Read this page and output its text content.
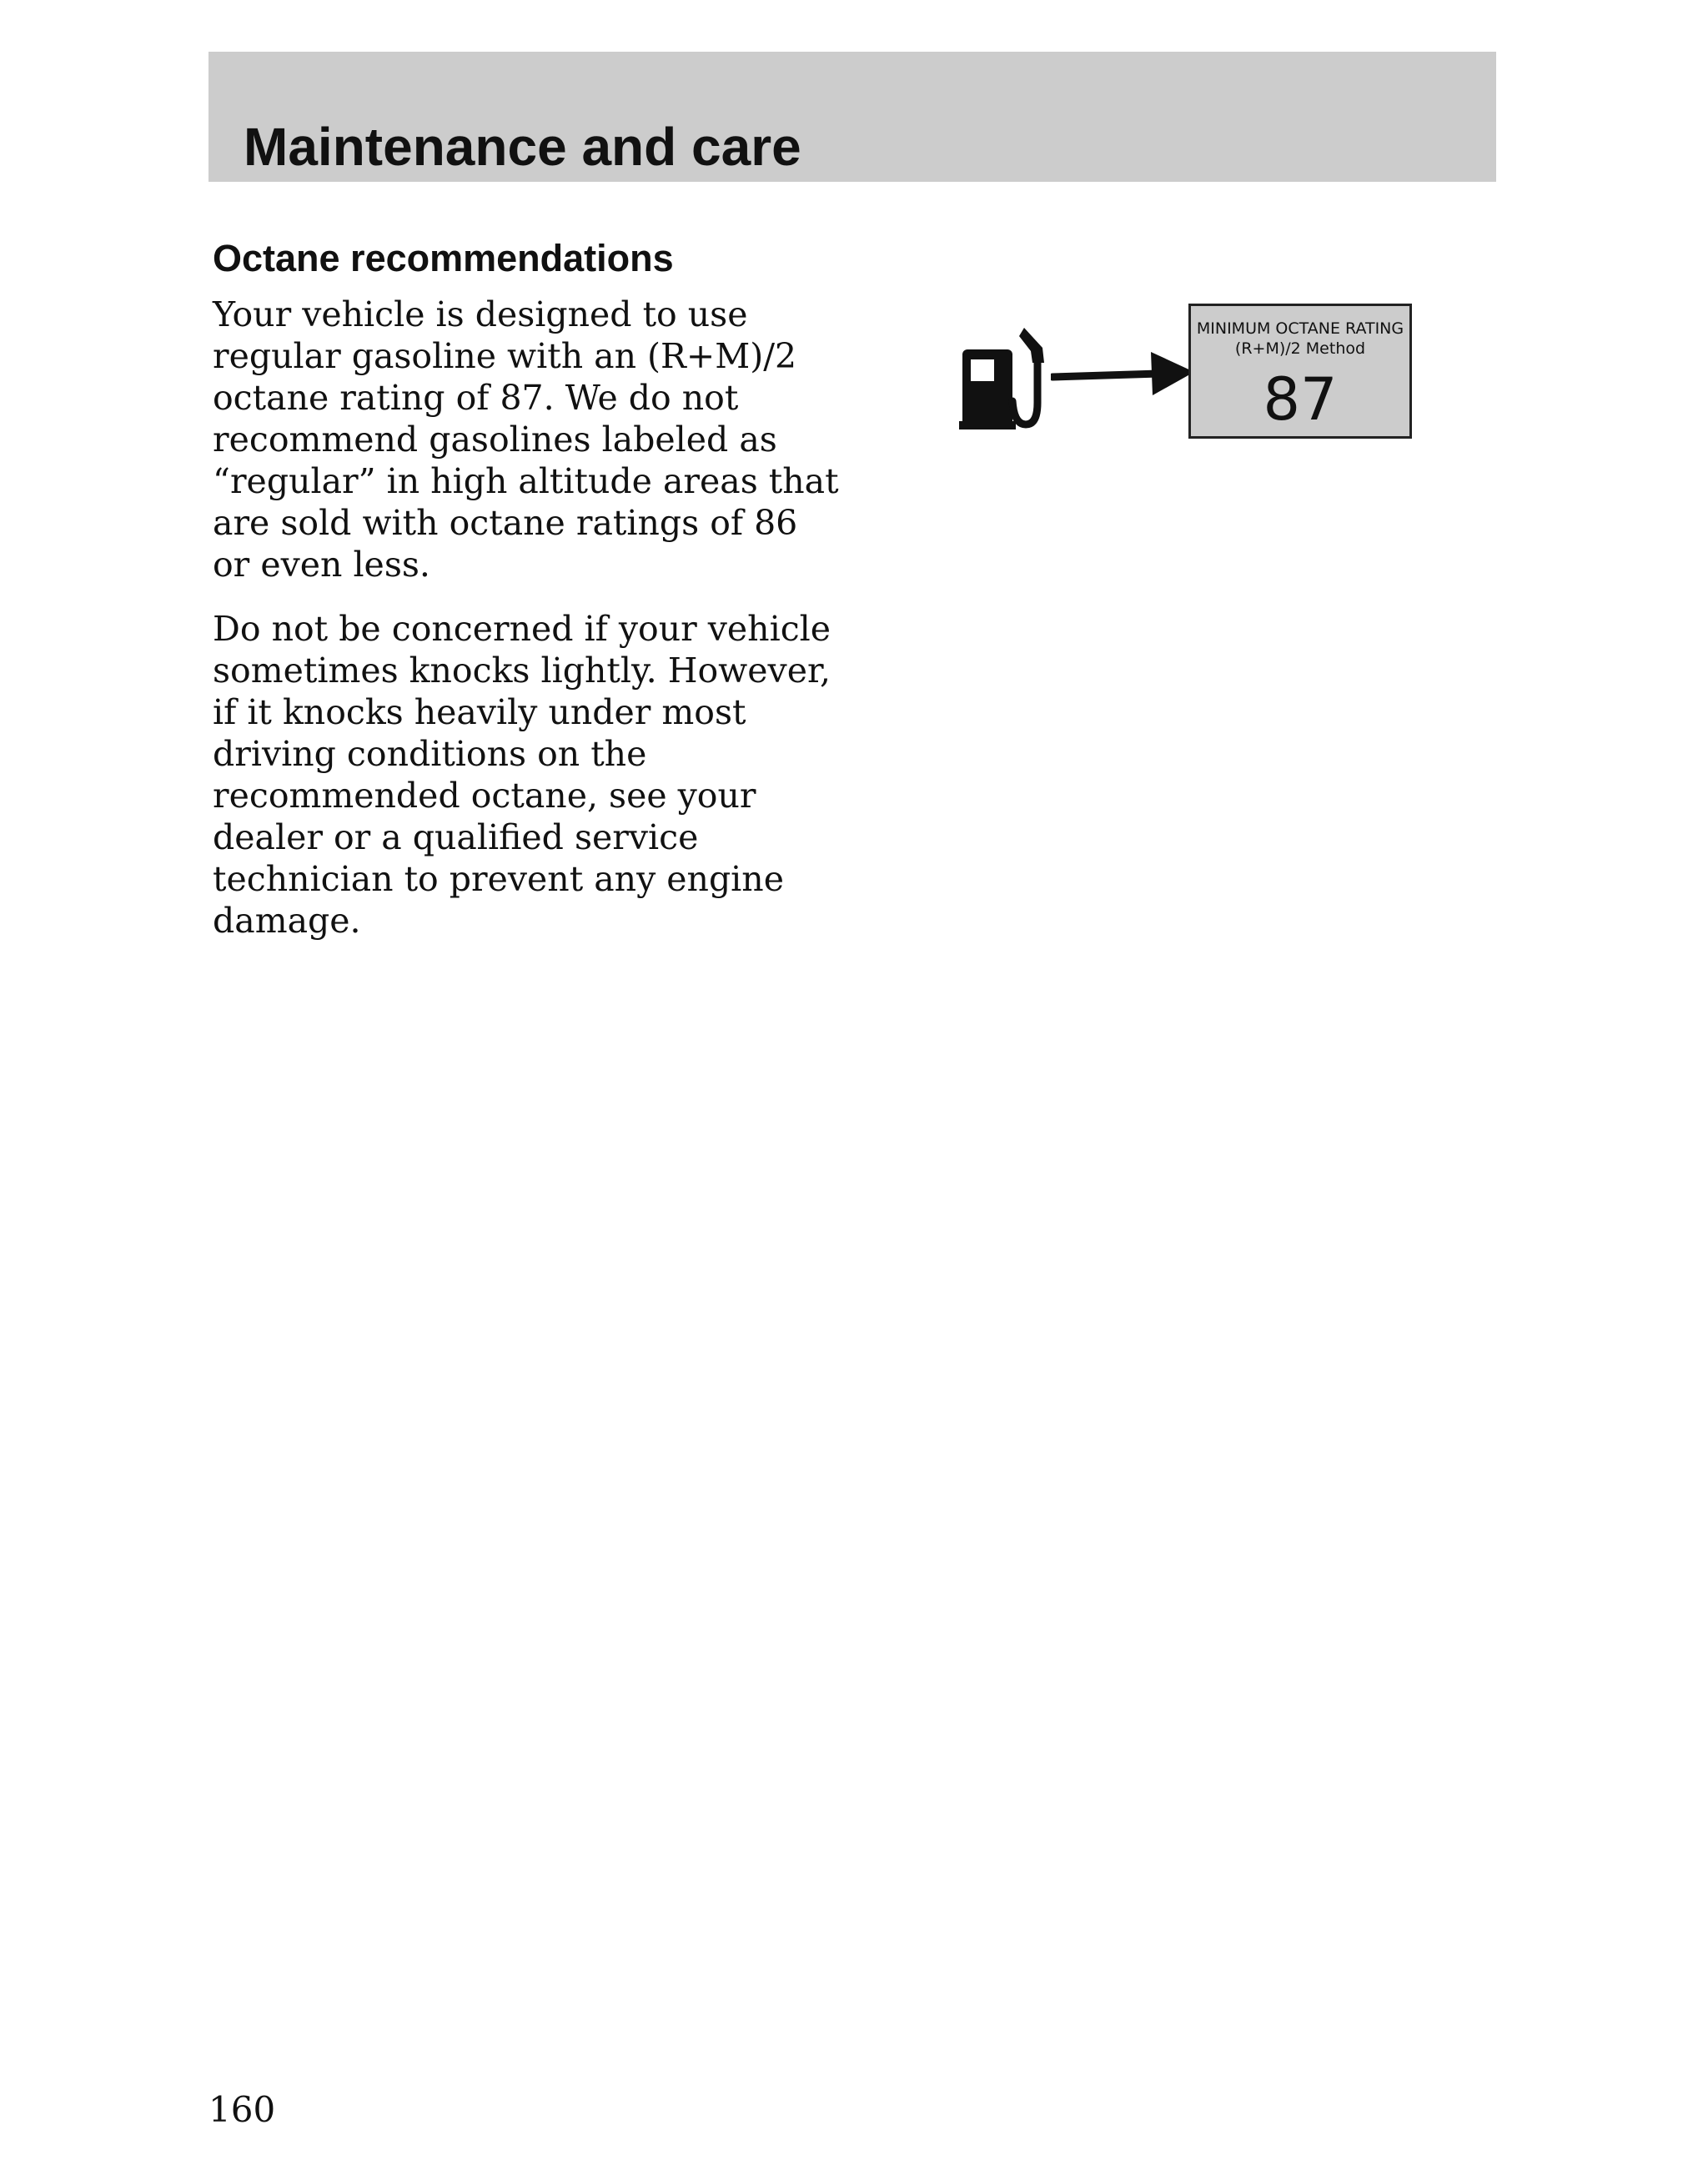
Maintenance and care
Octane recommendations

Your vehicle is designed to use
regular gasoline with an (R+M)/2
octane rating of 87. We do not
recommend gasolines labeled as
“regular” in high altitude areas that
are sold with octane ratings of 86
or even less.

Do not be concerned if your vehicle
sometimes knocks lightly. However,
if it knocks heavily under most
driving conditions on the
recommended octane, see your
dealer or a qualified service
technician to prevent any engine
damage.

MINIMUM OCTANE RATING
(R+M)/2 Method
87

160
